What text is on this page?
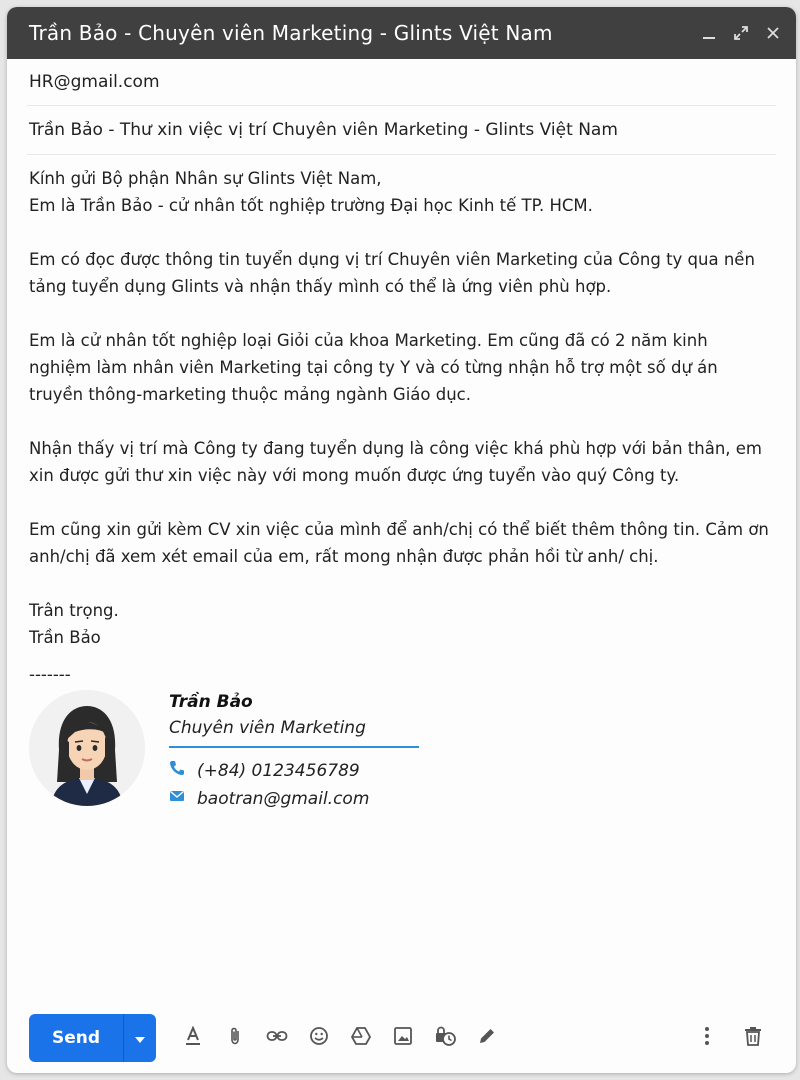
Trần Bảo - Chuyên viên Marketing - Glints Việt Nam
HR@gmail.com
Trần Bảo - Thư xin việc vị trí Chuyên viên Marketing - Glints Việt Nam

Kính gửi Bộ phận Nhân sự Glints Việt Nam,

Em là Trần Bảo - cử nhân tốt nghiệp trường Đại học Kinh tế TP. HCM.

Em có đọc được thông tin tuyển dụng vị trí Chuyên viên Marketing của Công ty qua nền tảng tuyển dụng Glints và nhận thấy mình có thể là ứng viên phù hợp.

Em là cử nhân tốt nghiệp loại Giỏi của khoa Marketing. Em cũng đã có 2 năm kinh nghiệm làm nhân viên Marketing tại công ty Y và có từng nhận hỗ trợ một số dự án truyền thông-marketing thuộc mảng ngành Giáo dục.

Nhận thấy vị trí mà Công ty đang tuyển dụng là công việc khá phù hợp với bản thân, em xin được gửi thư xin việc này với mong muốn được ứng tuyển vào quý Công ty.

Em cũng xin gửi kèm CV xin việc của mình để anh/chị có thể biết thêm thông tin. Cảm ơn anh/chị đã xem xét email của em, rất mong nhận được phản hồi từ anh/ chị.

Trân trọng.

Trần Bảo

-------
Trần Bảo
Chuyên viên Marketing
(+84) 0123456789
baotran@gmail.com
Send
